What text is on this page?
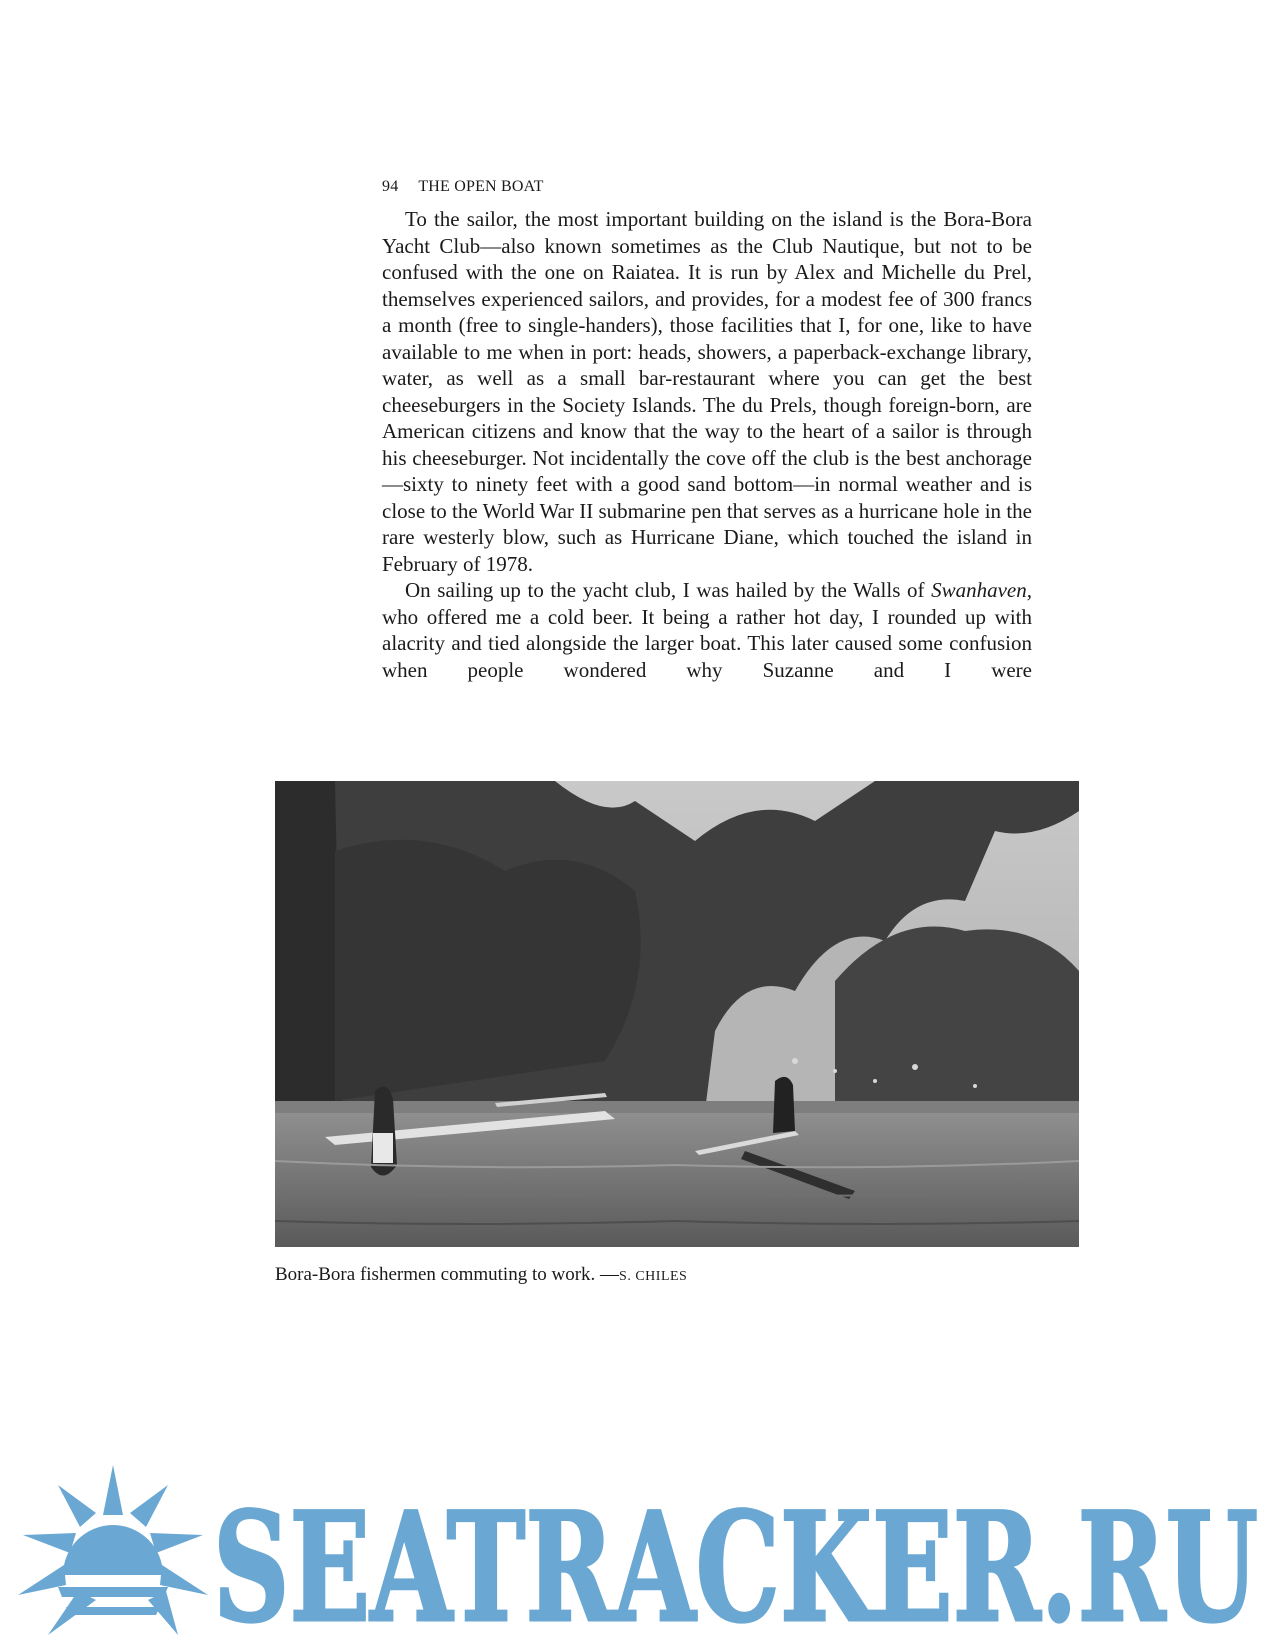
94 THE OPEN BOAT

To the sailor, the most important building on the island is the Bora-Bora Yacht Club—also known sometimes as the Club Nautique, but not to be confused with the one on Raiatea. It is run by Alex and Michelle du Prel, themselves experienced sailors, and provides, for a modest fee of 300 francs a month (free to single-handers), those facilities that I, for one, like to have available to me when in port: heads, showers, a paperback-exchange library, water, as well as a small bar-restaurant where you can get the best cheeseburgers in the Society Islands. The du Prels, though foreign-born, are American citizens and know that the way to the heart of a sailor is through his cheeseburger. Not incidentally the cove off the club is the best anchorage—sixty to ninety feet with a good sand bottom—in normal weather and is close to the World War II submarine pen that serves as a hurricane hole in the rare westerly blow, such as Hurricane Diane, which touched the island in February of 1978.

On sailing up to the yacht club, I was hailed by the Walls of Swanhaven, who offered me a cold beer. It being a rather hot day, I rounded up with alacrity and tied alongside the larger boat. This later caused some confusion when people wondered why Suzanne and I were

Bora-Bora fishermen commuting to work. —S. CHILES
SEATRACKER.RU
